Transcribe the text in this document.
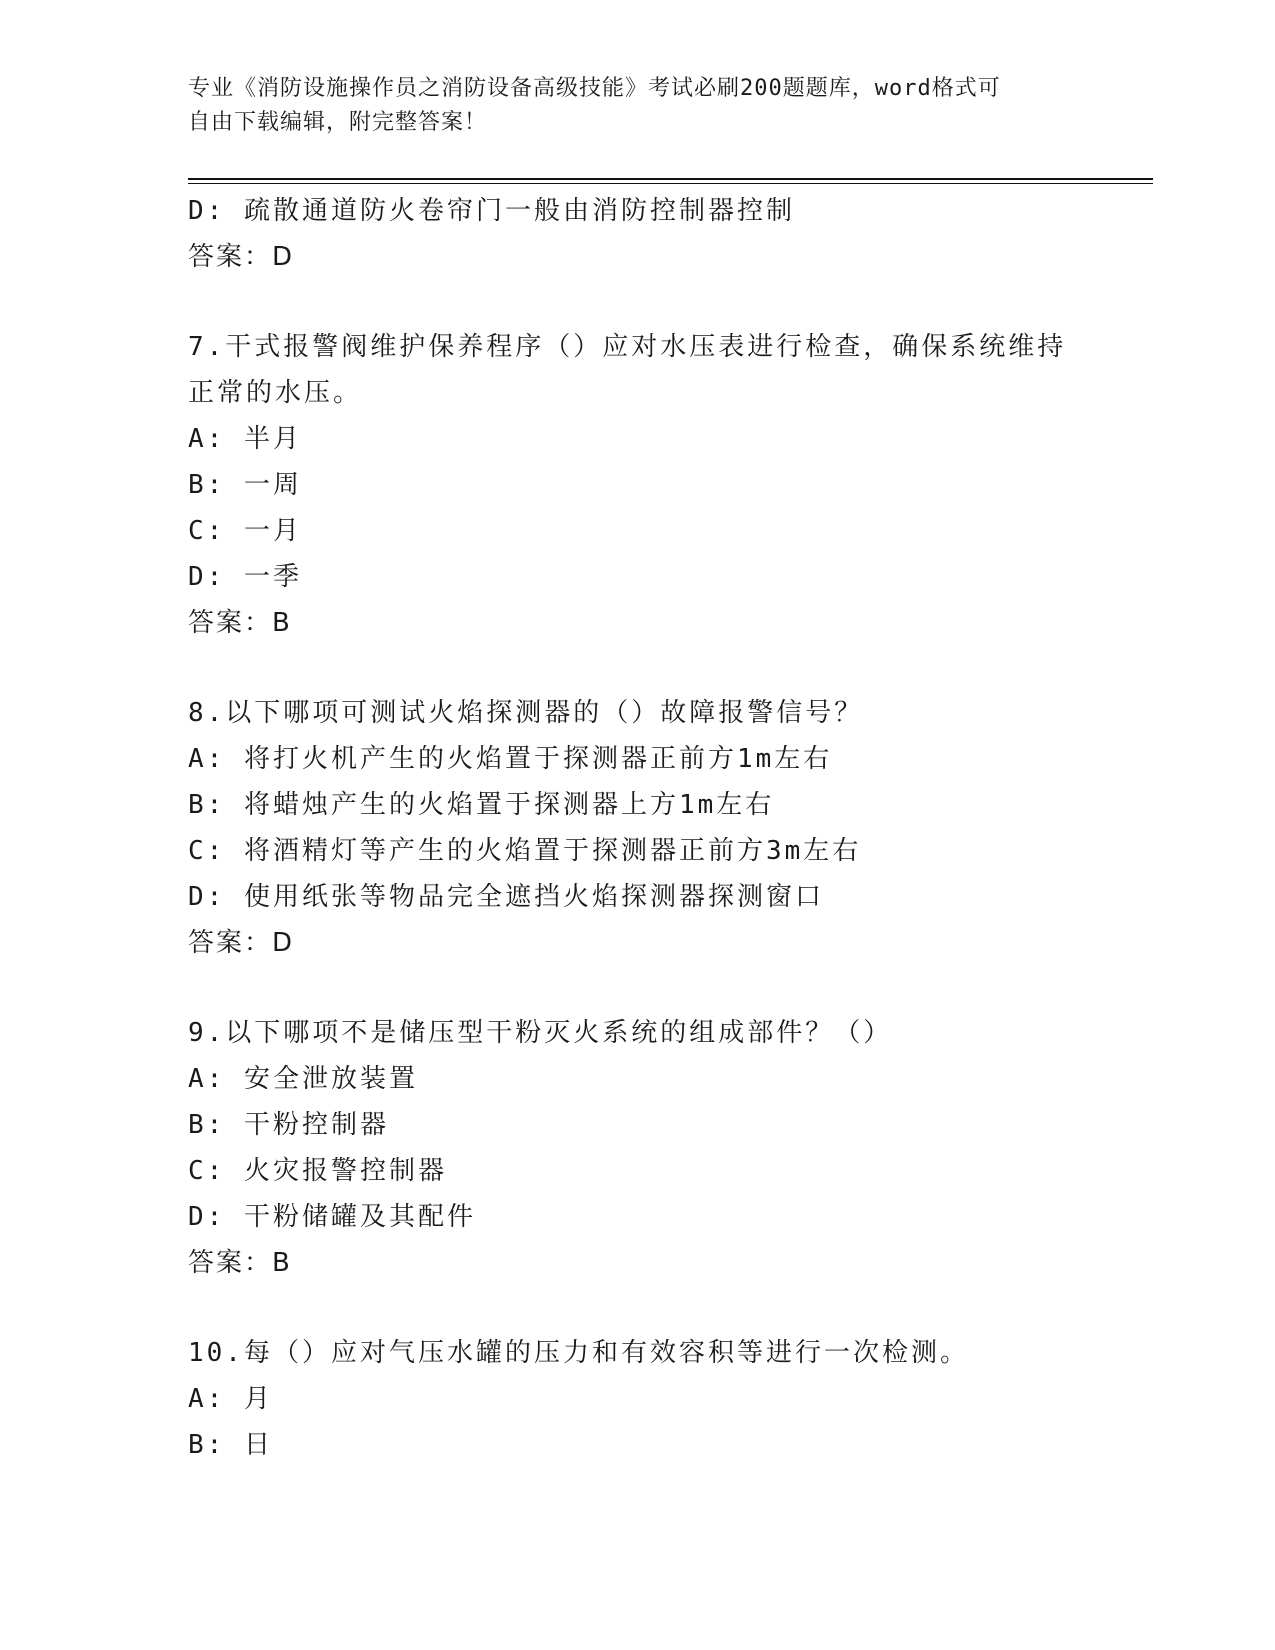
专业《消防设施操作员之消防设备高级技能》考试必刷200题题库，word格式可
自由下载编辑，附完整答案！
D: 疏散通道防火卷帘门一般由消防控制器控制
答案：D
7.干式报警阀维护保养程序（）应对水压表进行检查，确保系统维持
正常的水压。
A: 半月
B: 一周
C: 一月
D: 一季
答案：B
8.以下哪项可测试火焰探测器的（）故障报警信号？
A: 将打火机产生的火焰置于探测器正前方1m左右
B: 将蜡烛产生的火焰置于探测器上方1m左右
C: 将酒精灯等产生的火焰置于探测器正前方3m左右
D: 使用纸张等物品完全遮挡火焰探测器探测窗口
答案：D
9.以下哪项不是储压型干粉灭火系统的组成部件？（）
A: 安全泄放装置
B: 干粉控制器
C: 火灾报警控制器
D: 干粉储罐及其配件
答案：B
10.每（）应对气压水罐的压力和有效容积等进行一次检测。
A: 月
B: 日
